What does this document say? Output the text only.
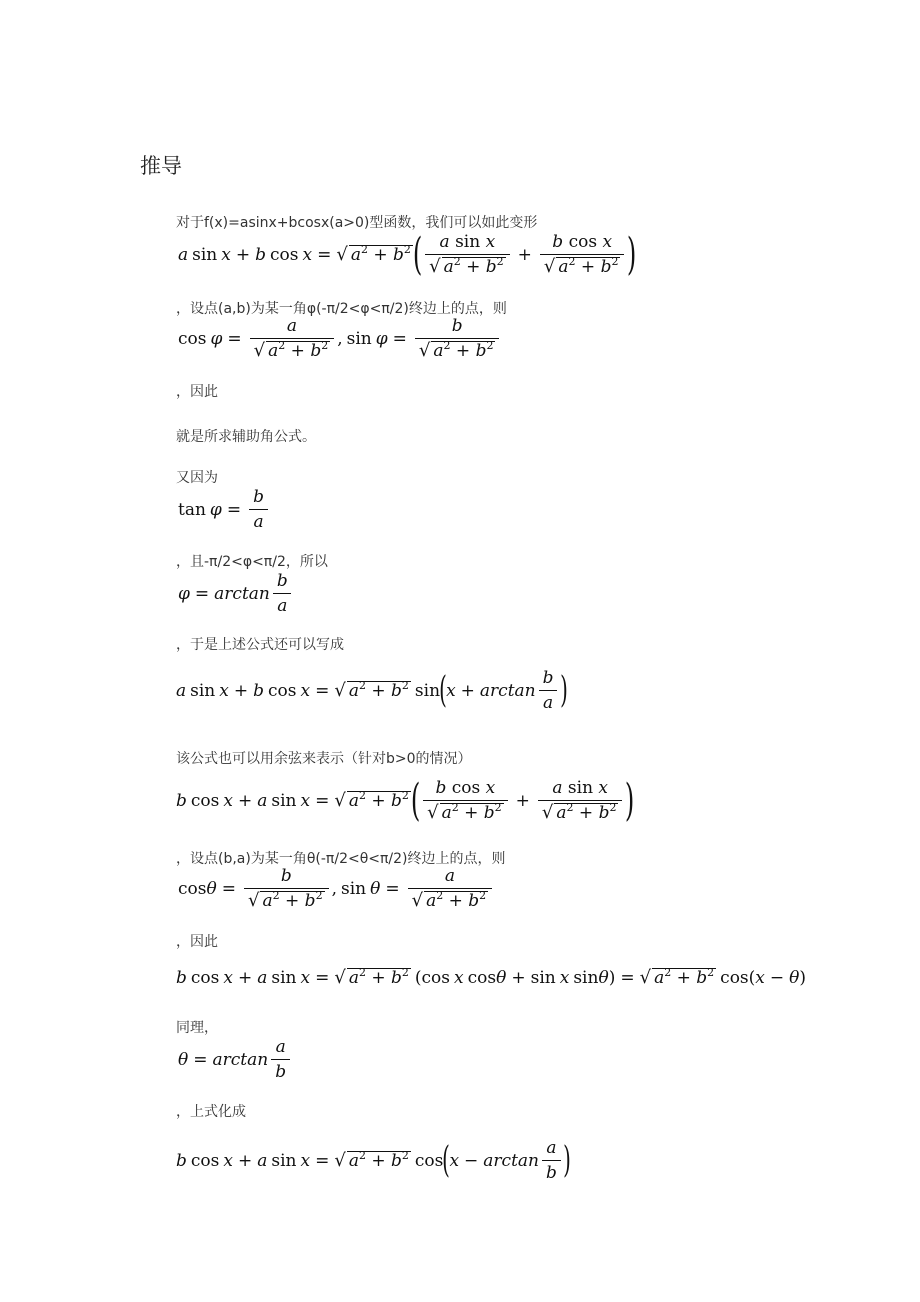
推导
对于f(x)=asinx+bcosx(a>0)型函数，我们可以如此变形
a sin x + b cos x = √ $a^2 + b^2$ ( $\frac{\text{a sin x}}{√ a^2 + b^2} + \frac{\text{b cos x}}{√ a^2 + b^2}$ )
，设点(a,b)为某一角φ(-π/2<φ<π/2)终边上的点，则
$\cos \varphi = \frac{a}{√ a^2 + b^2}$ , $\sin \varphi = \frac{b}{√ a^2 + b^2}$
，因此
就是所求辅助角公式。
又因为
$\tan \varphi = \frac{b}{a}$
，且-π/2<φ<π/2，所以
$\varphi = \arctan \frac{b}{a}$
，于是上述公式还可以写成
a sin x + b cos x = √ $a^2 + b^2$ sin ( $x + \arctan \frac{b}{a}$ )
该公式也可以用余弦来表示（针对b>0的情况）
b cos x + a sin x = √ $a^2 + b^2$ ( $\frac{\text{b cos x}}{√ a^2 + b^2} + \frac{\text{a sin x}}{√ a^2 + b^2}$ )
，设点(b,a)为某一角θ(-π/2<θ<π/2)终边上的点，则
$\cos \theta = \frac{b}{√ a^2 + b^2}$ , $\sin \theta = \frac{a}{√ a^2 + b^2}$
，因此
b cos x + a sin x = √ $a^2 + b^2$ (cos x cos θ + sin x sin θ ) = √ $a^2 + b^2$ cos( x − θ )
同理，
$\theta = \arctan \frac{a}{b}$
，上式化成
b cos x + a sin x = √ $a^2 + b^2$ cos ( $x - \arctan \frac{a}{b}$ )
